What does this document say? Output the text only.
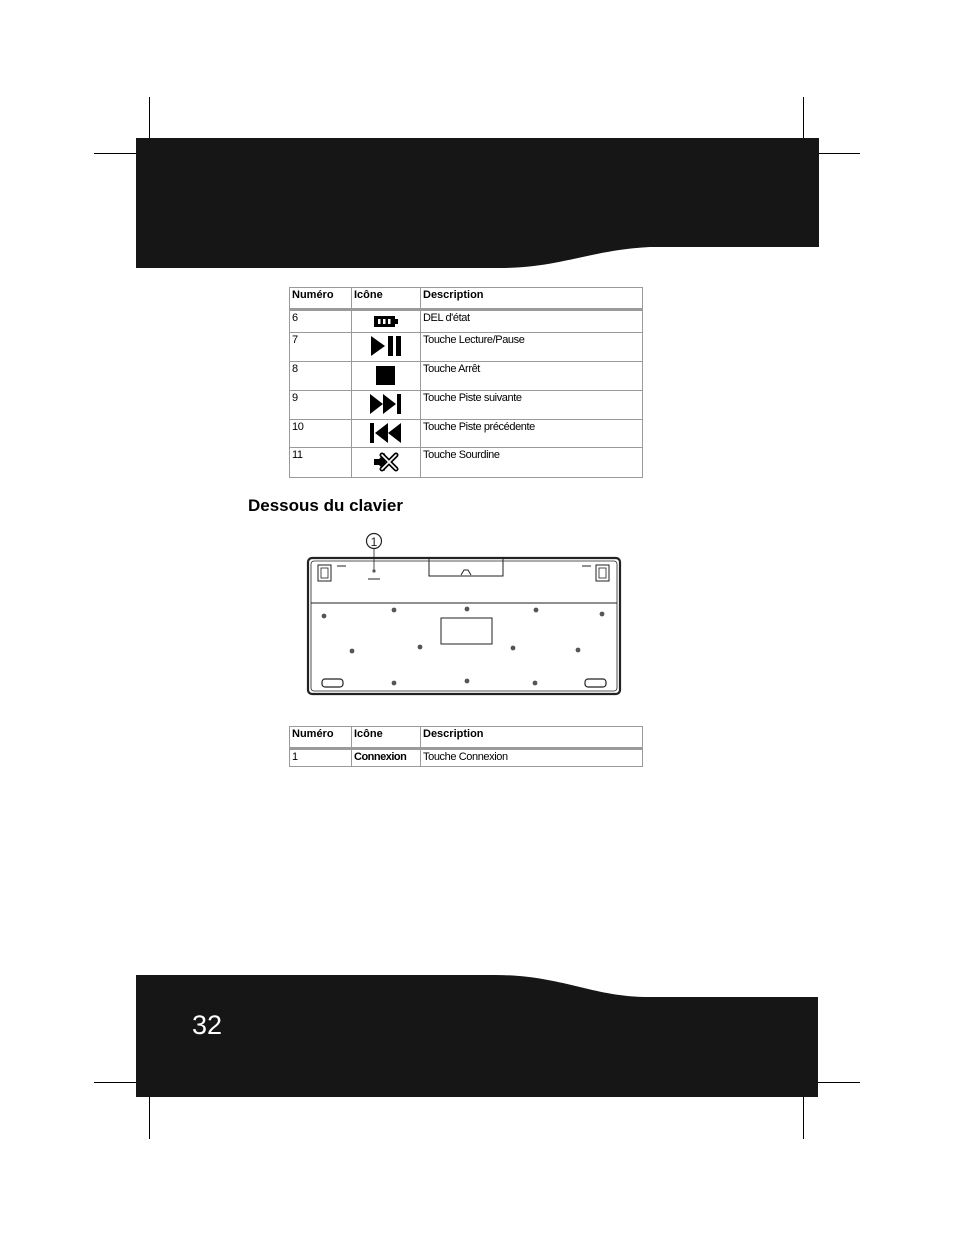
Numéro	Icône	Description
6		DEL d'état
7		Touche Lecture/Pause
8		Touche Arrêt
9		Touche Piste suivante
10		Touche Piste précédente
11		Touche Sourdine
Dessous du clavier
1
Numéro	Icône	Description
1	Connexion	Touche Connexion
32
